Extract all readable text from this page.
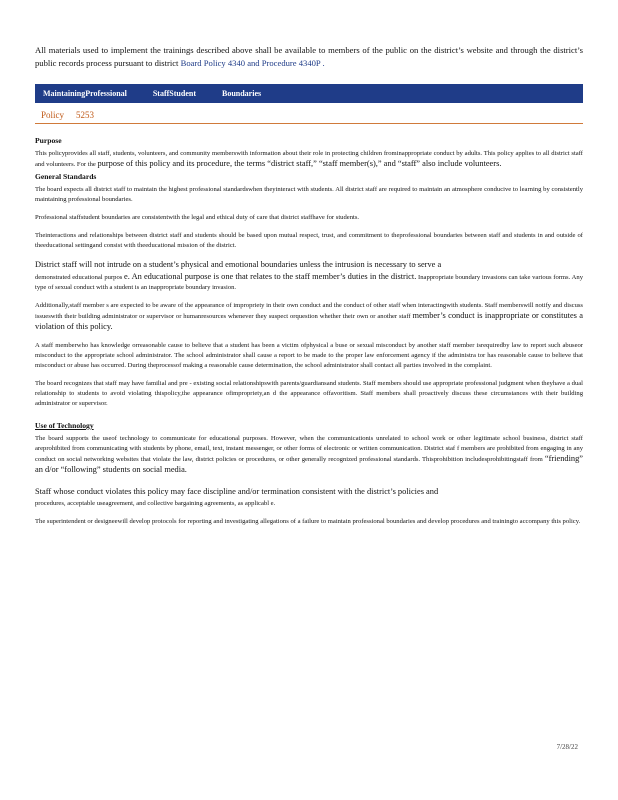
All materials used to implement the trainings described above shall be available to members of the public on the district’s website and through the district’s public records process pursuant to district Board Policy 4340 and Procedure 4340P .
MaintainingProfessional	StaffStudent	Boundaries
Policy 5253
Purpose

This policyprovides all staff, students, volunteers, and community memberswith information about their role in protecting children frominappropriate conduct by adults. This policy applies to all district staff and volunteers. For the purpose of this policy and its procedure, the terms “district staff,” “staff member(s),” and “staff” also include volunteers.

General Standards

The board expects all district staff to maintain the highest professional standardswhen theyinteract with students. All district staff are required to maintain an atmosphere conducive to learning by consistently maintaining professional boundaries.

Professional staffstudent boundaries are consistentwith the legal and ethical duty of care that district staffhave for students.

Theinteractions and relationships between district staff and students should be based upon mutual respect, trust, and commitment to theprofessional boundaries between staff and students in and outside of theeducational settingand consist with theeducational mission of the district.

District staff will not intrude on a student’s physical and emotional boundaries unless the intrusion is necessary to serve a

demonstrated educational purpos e. An educational purpose is one that relates to the staff member’s duties in the district. Inappropriate boundary invasions can take various forms. Any type of sexual conduct with a student is an inappropriate boundary invasion.

Additionally,staff member s are expected to be aware of the appearance of impropriety in their own conduct and the conduct of other staff when interactingwith students. Staff memberswill notify and discuss issueswith their building administrator or supervisor or humanresources whenever they suspect orquestion whether their own or another staff member’s conduct is inappropriate or constitutes a violation of this policy.

A staff memberwho has knowledge orreasonable cause to believe that a student has been a victim ofphysical a buse or sexual misconduct by another staff member isrequiredby law to report such abuseor misconduct to the appropriate school administrator. The school administrator shall cause a report to be made to the proper law enforcement agency if the administra tor has reasonable cause to believe that misconduct or abuse has occurred. During theprocessof making a reasonable cause determination, the school administrator shall contact all parties involved in the complaint.

The board recognizes that staff may have familial and pre - existing social relationshipswith parents/guardiansand students. Staff members should use appropriate professional judgment when theyhave a dual relationship to students to avoid violating thispolicy,the appearance ofimpropriety,an d the appearance offavoritism. Staff members shall proactively discuss these circumstances with their building administrator or supervisor.

Use of Technology

The board supports the useof technology to communicate for educational purposes. However, when the communicationis unrelated to school work or other legitimate school business, district staff areprohibited from communicating with students by phone, email, text, instant messenger, or other forms of electronic or written communication. District staf f members are prohibited from engaging in any conduct on social networking websites that violate the law, district policies or procedures, or other generally recognized professional standards. Thisprohibition includesprohibitingstaff from “friending” an d/or “following” students on social media.

Staff whose conduct violates this policy may face discipline and/or termination consistent with the district’s policies and

procedures, acceptable useagreement, and collective bargaining agreements, as applicabl e.

The superintendent or designeewill develop protocols for reporting and investigating allegations of a failure to maintain professional boundaries and develop procedures and trainingto accompany this policy.

7/28/22
